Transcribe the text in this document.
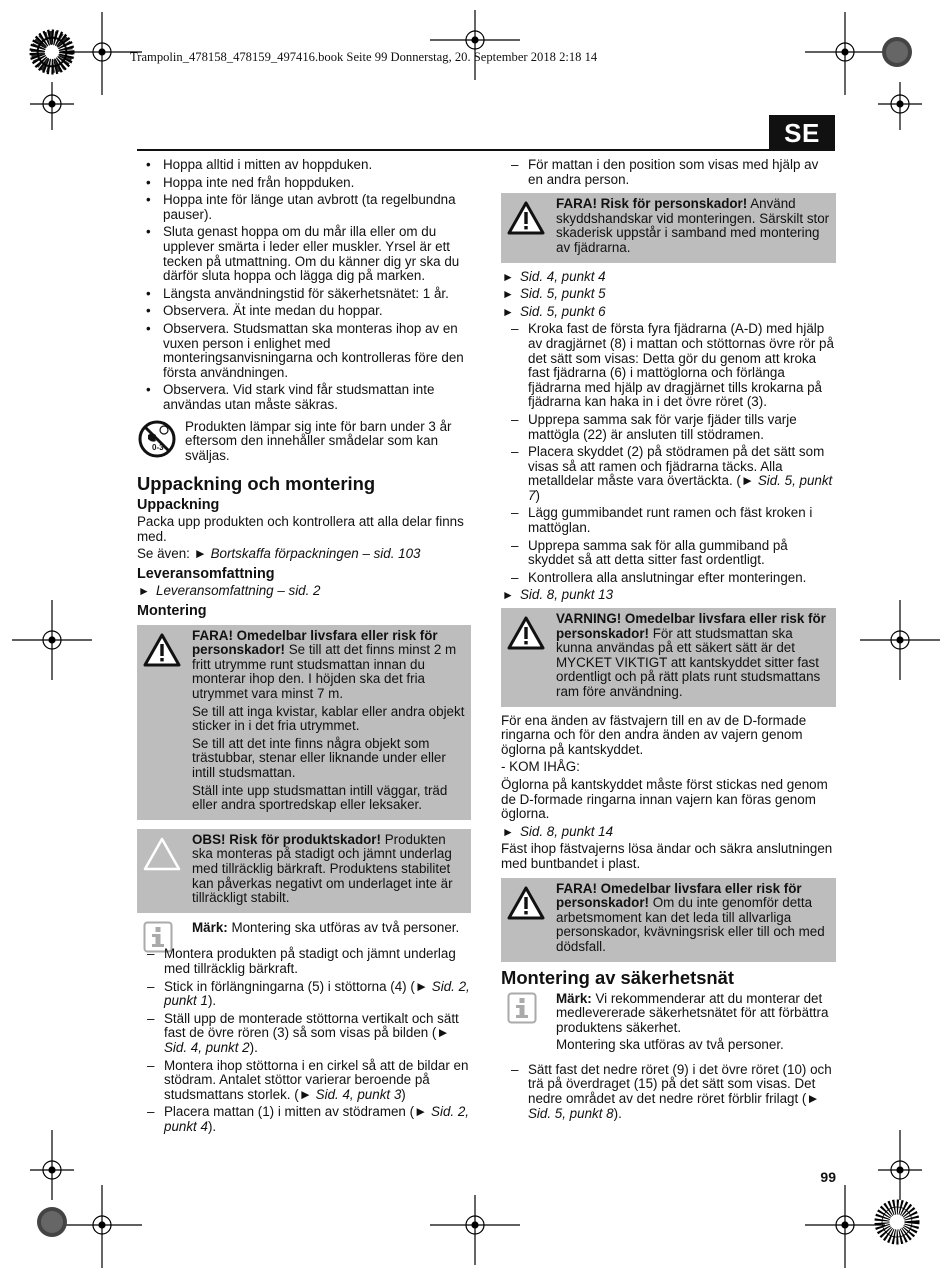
Trampolin_478158_478159_497416.book Seite 99 Donnerstag, 20. September 2018 2:18 14
SE
• Hoppa alltid i mitten av hoppduken.
• Hoppa inte ned från hoppduken.
• Hoppa inte för länge utan avbrott (ta regelbundna pauser).
• Sluta genast hoppa om du mår illa eller om du upplever smärta i leder eller muskler. Yrsel är ett tecken på utmattning. Om du känner dig yr ska du därför sluta hoppa och lägga dig på marken.
• Längsta användningstid för säkerhetsnätet: 1 år.
• Observera. Ät inte medan du hoppar.
• Observera. Studsmattan ska monteras ihop av en vuxen person i enlighet med monteringsanvisningarna och kontrolleras före den första användningen.
• Observera. Vid stark vind får studsmattan inte användas utan måste säkras.
0-3

Produkten lämpar sig inte för barn under 3 år eftersom den innehåller smådelar som kan sväljas.

Uppackning och montering
Uppackning

Packa upp produkten och kontrollera att alla delar finns med.

Se även: ► Bortskaffa förpackningen – sid. 103

Leveransomfattning
► Leveransomfattning – sid. 2
Montering

FARA! Omedelbar livsfara eller risk för personskador! Se till att det finns minst 2 m fritt utrymme runt studsmattan innan du monterar ihop den. I höjden ska det fria utrymmet vara minst 7 m.

Se till att inga kvistar, kablar eller andra objekt sticker in i det fria utrymmet.

Se till att det inte finns några objekt som trästubbar, stenar eller liknande under eller intill studsmattan.

Ställ inte upp studsmattan intill väggar, träd eller andra sportredskap eller leksaker.

OBS! Risk för produktskador! Produkten ska monteras på stadigt och jämnt underlag med tillräcklig bärkraft. Produktens stabilitet kan påverkas negativt om underlaget inte är tillräckligt stabilt.

Märk: Montering ska utföras av två personer.

– Montera produkten på stadigt och jämnt underlag med tillräcklig bärkraft.
– Stick in förlängningarna (5) i stöttorna (4) (► Sid. 2, punkt 1).
– Ställ upp de monterade stöttorna vertikalt och sätt fast de övre rören (3) så som visas på bilden (► Sid. 4, punkt 2).
– Montera ihop stöttorna i en cirkel så att de bildar en stödram. Antalet stöttor varierar beroende på studsmattans storlek. (► Sid. 4, punkt 3)
– Placera mattan (1) i mitten av stödramen (► Sid. 2, punkt 4).
– För mattan i den position som visas med hjälp av en andra person.

FARA! Risk för personskador! Använd skyddshandskar vid monteringen. Särskilt stor skaderisk uppstår i samband med montering av fjädrarna.

► Sid. 4, punkt 4
► Sid. 5, punkt 5
► Sid. 5, punkt 6
– Kroka fast de första fyra fjädrarna (A-D) med hjälp av dragjärnet (8) i mattan och stöttornas övre rör på det sätt som visas: Detta gör du genom att kroka fast fjädrarna (6) i mattöglorna och förlänga fjädrarna med hjälp av dragjärnet tills krokarna på fjädrarna kan haka in i det övre röret (3).
– Upprepa samma sak för varje fjäder tills varje mattögla (22) är ansluten till stödramen.
– Placera skyddet (2) på stödramen på det sätt som visas så att ramen och fjädrarna täcks. Alla metalldelar måste vara övertäckta. (► Sid. 5, punkt 7)
– Lägg gummibandet runt ramen och fäst kroken i mattöglan.
– Upprepa samma sak för alla gummiband på skyddet så att detta sitter fast ordentligt.
– Kontrollera alla anslutningar efter monteringen.
► Sid. 8, punkt 13

VARNING! Omedelbar livsfara eller risk för personskador! För att studsmattan ska kunna användas på ett säkert sätt är det MYCKET VIKTIGT att kantskyddet sitter fast ordentligt och på rätt plats runt studsmattans ram före användning.

För ena änden av fästvajern till en av de D-formade ringarna och för den andra änden av vajern genom öglorna på kantskyddet.

- KOM IHÅG:

Öglorna på kantskyddet måste först stickas ned genom de D-formade ringarna innan vajern kan föras genom öglorna.

► Sid. 8, punkt 14

Fäst ihop fästvajerns lösa ändar och säkra anslutningen med buntbandet i plast.

FARA! Omedelbar livsfara eller risk för personskador! Om du inte genomför detta arbetsmoment kan det leda till allvarliga personskador, kvävningsrisk eller till och med dödsfall.

Montering av säkerhetsnät

Märk: Vi rekommenderar att du monterar det medlevererade säkerhetsnätet för att förbättra produktens säkerhet.

Montering ska utföras av två personer.

– Sätt fast det nedre röret (9) i det övre röret (10) och trä på överdraget (15) på det sätt som visas. Det nedre området av det nedre röret förblir frilagt (► Sid. 5, punkt 8).
99
